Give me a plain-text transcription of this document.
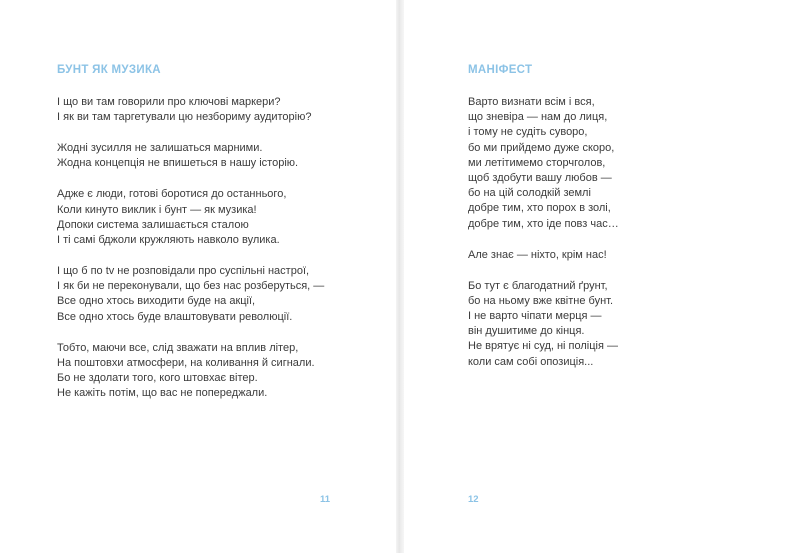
БУНТ ЯК МУЗИКА
І що ви там говорили про ключові маркери?
І як ви там таргетували цю незбориму аудиторію?
Жодні зусилля не залишаться марними.
Жодна концепція не впишеться в нашу історію.
Адже є люди, готові боротися до останнього,
Коли кинуто виклик і бунт — як музика!
Допоки система залишається сталою
І ті самі бджоли кружляють навколо вулика.
І що б по tv не розповідали про суспільні настрої,
І як би не переконували, що без нас розберуться, —
Все одно хтось виходити буде на акції,
Все одно хтось буде влаштовувати революції.
Тобто, маючи все, слід зважати на вплив літер,
На поштовхи атмосфери, на коливання й сигнали.
Бо не здолати того, кого штовхає вітер.
Не кажіть потім, що вас не попереджали.
11
МАНІФЕСТ
Варто визнати всім і вся,
що зневіра — нам до лиця,
і тому не судіть суворо,
бо ми прийдемо дуже скоро,
ми летітимемо сторчголов,
щоб здобути вашу любов —
бо на цій солодкій землі
добре тим, хто порох в золі,
добре тим, хто іде повз час…
Але знає — ніхто, крім нас!
Бо тут є благодатний ґрунт,
бо на ньому вже квітне бунт.
І не варто чіпати мерця —
він душитиме до кінця.
Не врятує ні суд, ні поліція —
коли сам собі опозиція...
12
